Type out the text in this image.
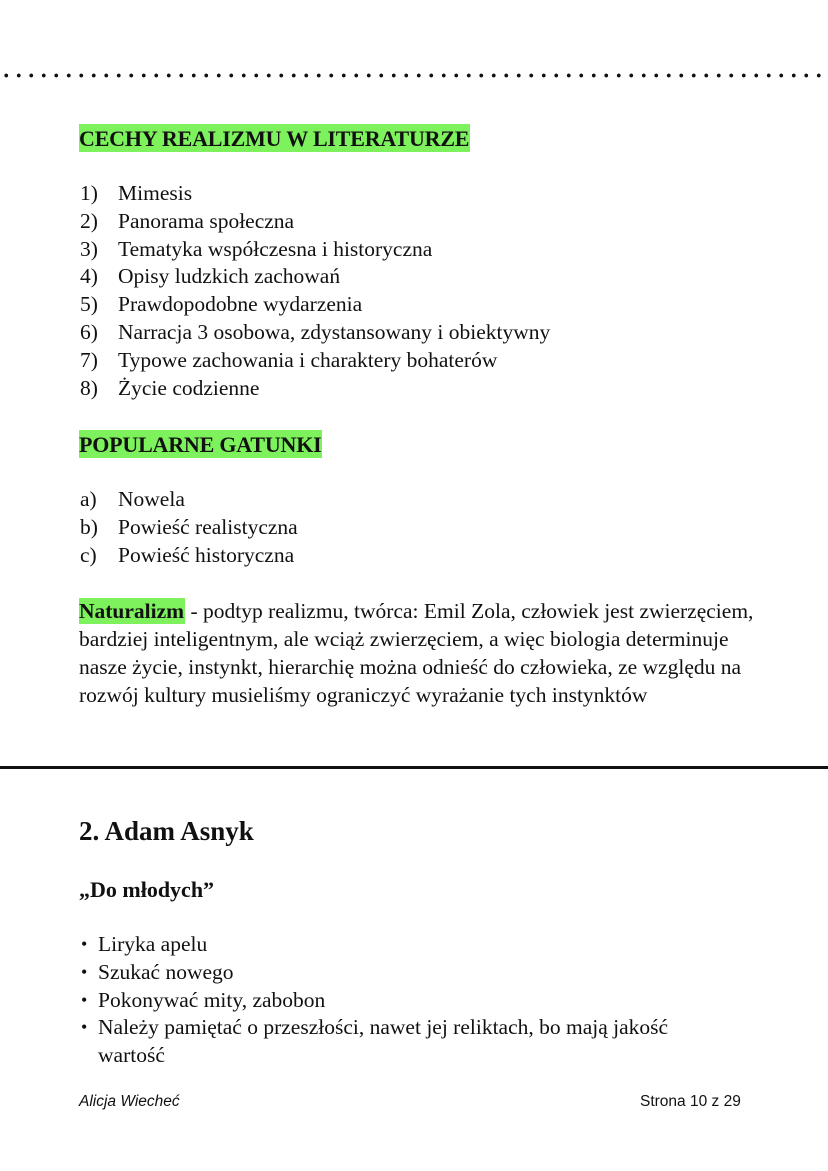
CECHY REALIZMU W LITERATURZE
1) Mimesis
2) Panorama społeczna
3) Tematyka współczesna i historyczna
4) Opisy ludzkich zachowań
5) Prawdopodobne wydarzenia
6) Narracja 3 osobowa, zdystansowany i obiektywny
7) Typowe zachowania i charaktery bohaterów
8) Życie codzienne
POPULARNE GATUNKI
a) Nowela
b) Powieść realistyczna
c) Powieść historyczna

Naturalizm - podtyp realizmu, twórca: Emil Zola, człowiek jest zwierzęciem, bardziej inteligentnym, ale wciąż zwierzęciem, a więc biologia determinuje nasze życie, instynkt, hierarchię można odnieść do człowieka, ze względu na rozwój kultury musieliśmy ograniczyć wyrażanie tych instynktów

2. Adam Asnyk
„Do młodych”
• Liryka apelu
• Szukać nowego
• Pokonywać mity, zabobon
• Należy pamiętać o przeszłości, nawet jej reliktach, bo mają jakość wartość
Alicja Wiecheć	Strona 10 z 29
